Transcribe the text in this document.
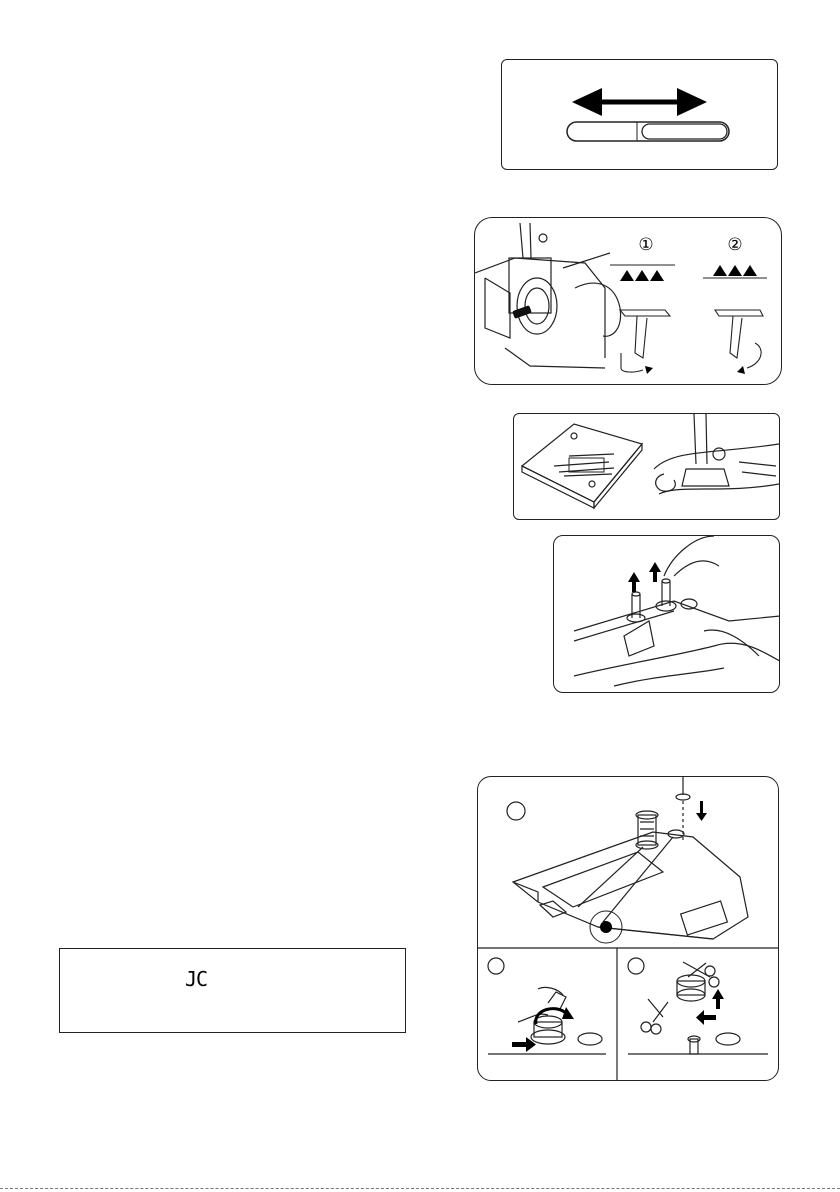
①	②
JC
